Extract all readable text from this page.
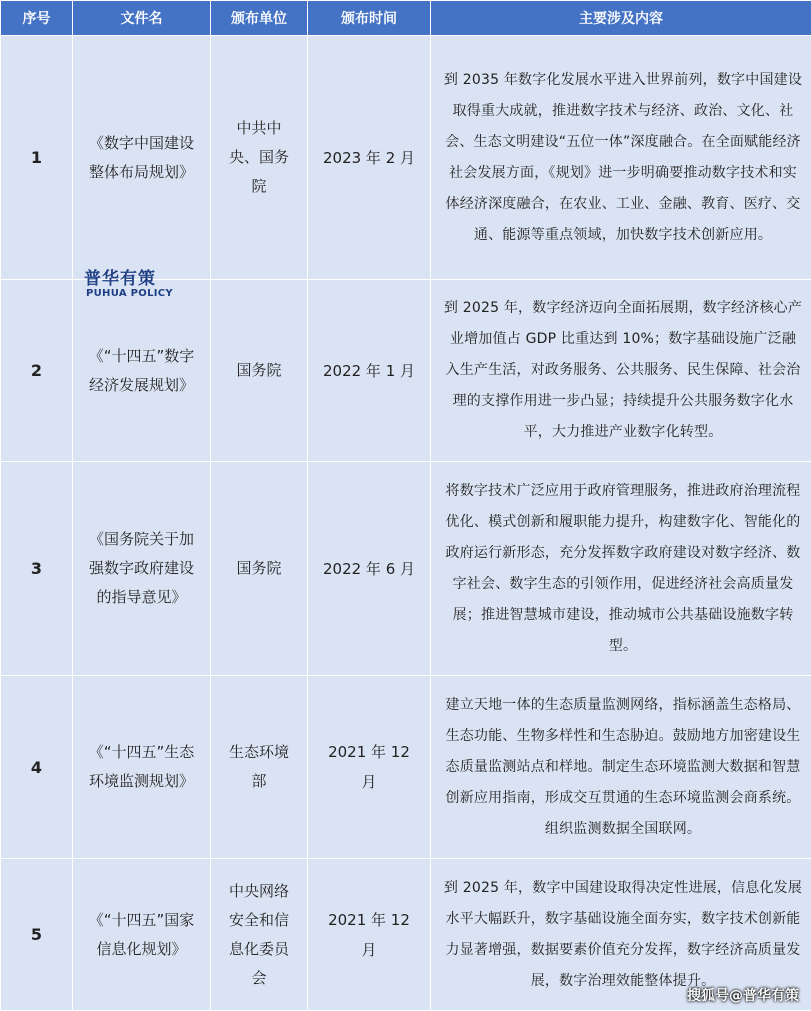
序号	文件名	颁布单位	颁布时间	主要涉及内容
1	《数字中国建设整体布局规划》	中共中央、国务院	2023 年 2 月	到 2035 年数字化发展水平进入世界前列，数字中国建设取得重大成就，推进数字技术与经济、政治、文化、社会、生态文明建设“五位一体”深度融合。在全面赋能经济社会发展方面，《规划》进一步明确要推动数字技术和实体经济深度融合，在农业、工业、金融、教育、医疗、交通、能源等重点领域，加快数字技术创新应用。
2	《“十四五”数字经济发展规划》	国务院	2022 年 1 月	到 2025 年，数字经济迈向全面拓展期，数字经济核心产业增加值占 GDP 比重达到 10%；数字基础设施广泛融入生产生活，对政务服务、公共服务、民生保障、社会治理的支撑作用进一步凸显；持续提升公共服务数字化水平，大力推进产业数字化转型。
3	《国务院关于加强数字政府建设的指导意见》	国务院	2022 年 6 月	将数字技术广泛应用于政府管理服务，推进政府治理流程优化、模式创新和履职能力提升，构建数字化、智能化的政府运行新形态，充分发挥数字政府建设对数字经济、数字社会、数字生态的引领作用，促进经济社会高质量发展；推进智慧城市建设，推动城市公共基础设施数字转型。
4	《“十四五”生态环境监测规划》	生态环境部	2021 年 12 月	建立天地一体的生态质量监测网络，指标涵盖生态格局、生态功能、生物多样性和生态胁迫。鼓励地方加密建设生态质量监测站点和样地。制定生态环境监测大数据和智慧创新应用指南，形成交互贯通的生态环境监测会商系统。组织监测数据全国联网。
5	《“十四五”国家信息化规划》	中央网络安全和信息化委员会	2021 年 12 月	到 2025 年，数字中国建设取得决定性进展，信息化发展水平大幅跃升，数字基础设施全面夯实，数字技术创新能力显著增强，数据要素价值充分发挥，数字经济高质量发展，数字治理效能整体提升。
普华有策
PUHUA POLICY
搜狐号@普华有策
